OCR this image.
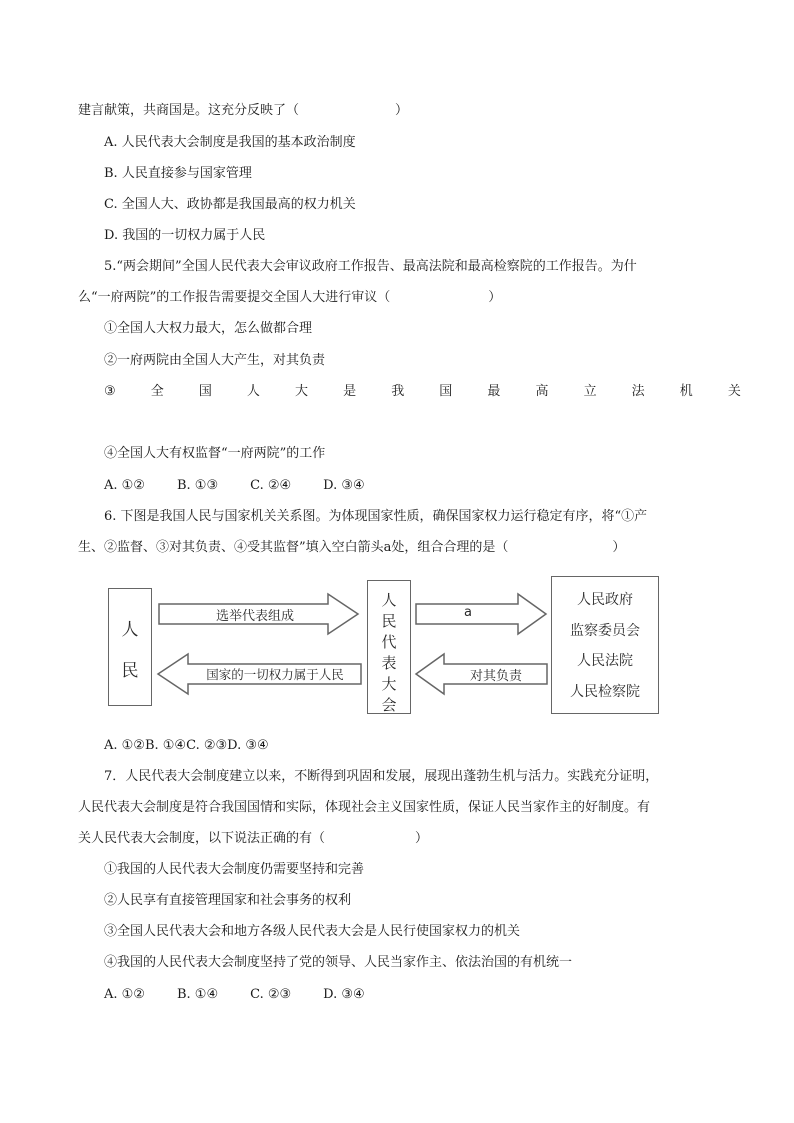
建言献策，共商国是。这充分反映了（	）
A. 人民代表大会制度是我国的基本政治制度
B. 人民直接参与国家管理
C. 全国人大、政协都是我国最高的权力机关
D. 我国的一切权力属于人民
5.“两会期间”全国人民代表大会审议政府工作报告、最高法院和最高检察院的工作报告。为什
么“一府两院”的工作报告需要提交全国人大进行审议（	）
①全国人大权力最大，怎么做都合理
②一府两院由全国人大产生，对其负责
③	全	国	人	大	是	我	国	最	高	立	法	机	关
④全国人大有权监督“一府两院”的工作
A. ①② B. ①③ C. ②④ D. ③④
6. 下图是我国人民与国家机关关系图。为体现国家性质，确保国家权力运行稳定有序，将“①产
生、②监督、③对其负责、④受其监督”填入空白箭头a处，组合合理的是（	）
人
民
人
民
代
表
大
会
人民政府
监察委员会
人民法院
人民检察院
选举代表组成
国家的一切权力属于人民
a
对其负责
A. ①②B. ①④C. ②③D. ③④
7．人民代表大会制度建立以来，不断得到巩固和发展，展现出蓬勃生机与活力。实践充分证明，
人民代表大会制度是符合我国国情和实际，体现社会主义国家性质，保证人民当家作主的好制度。有
关人民代表大会制度，以下说法正确的有（	）
①我国的人民代表大会制度仍需要坚持和完善
②人民享有直接管理国家和社会事务的权利
③全国人民代表大会和地方各级人民代表大会是人民行使国家权力的机关
④我国的人民代表大会制度坚持了党的领导、人民当家作主、依法治国的有机统一
A. ①② B. ①④ C. ②③ D. ③④
